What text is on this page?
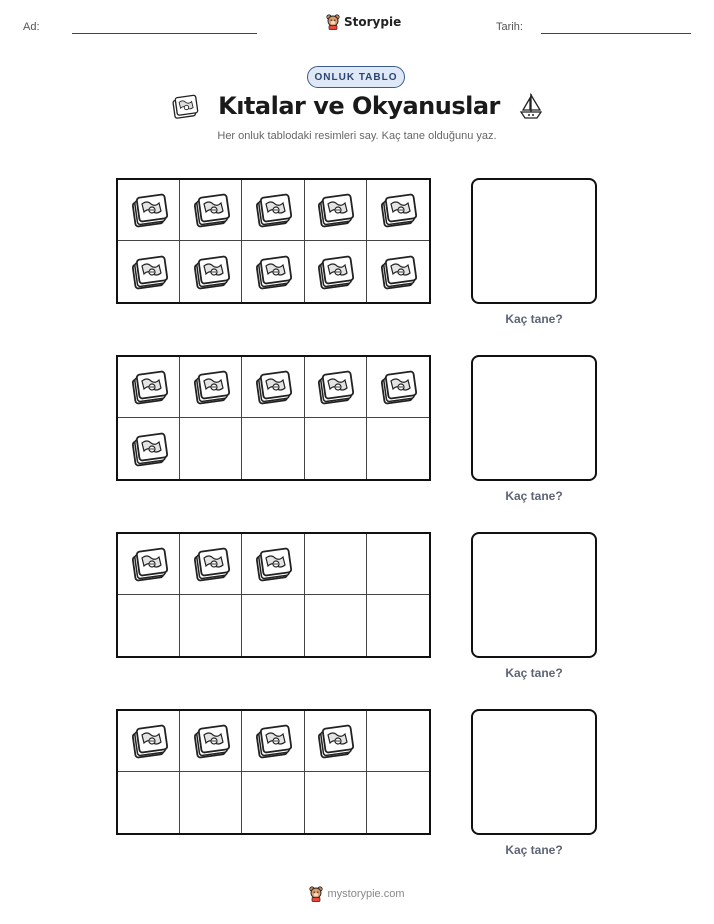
Ad:	Storypie	Tarih:
ONLUK TABLO
Kıtalar ve Okyanuslar
Her onluk tablodaki resimleri say. Kaç tane olduğunu yaz.
Kaç tane?
Kaç tane?
Kaç tane?
Kaç tane?
mystorypie.com
